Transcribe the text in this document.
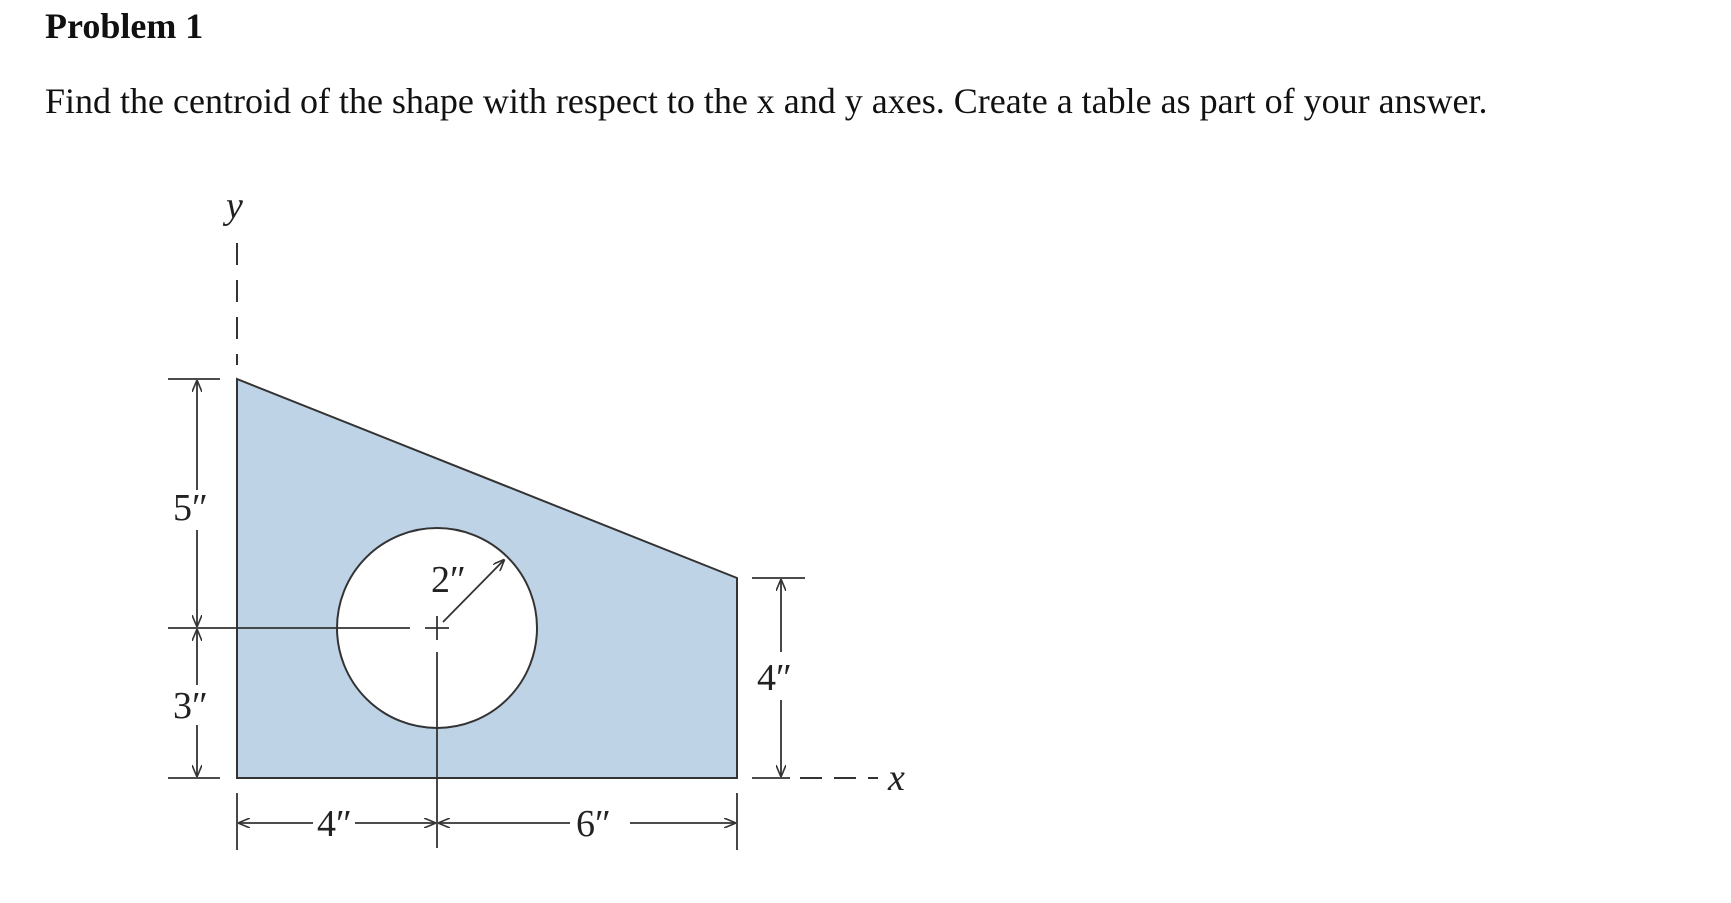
Problem 1

Find the centroid of the shape with respect to the x and y axes. Create a table as part of your answer.

y
x
2″
5″
3″
4″
4″	6″
